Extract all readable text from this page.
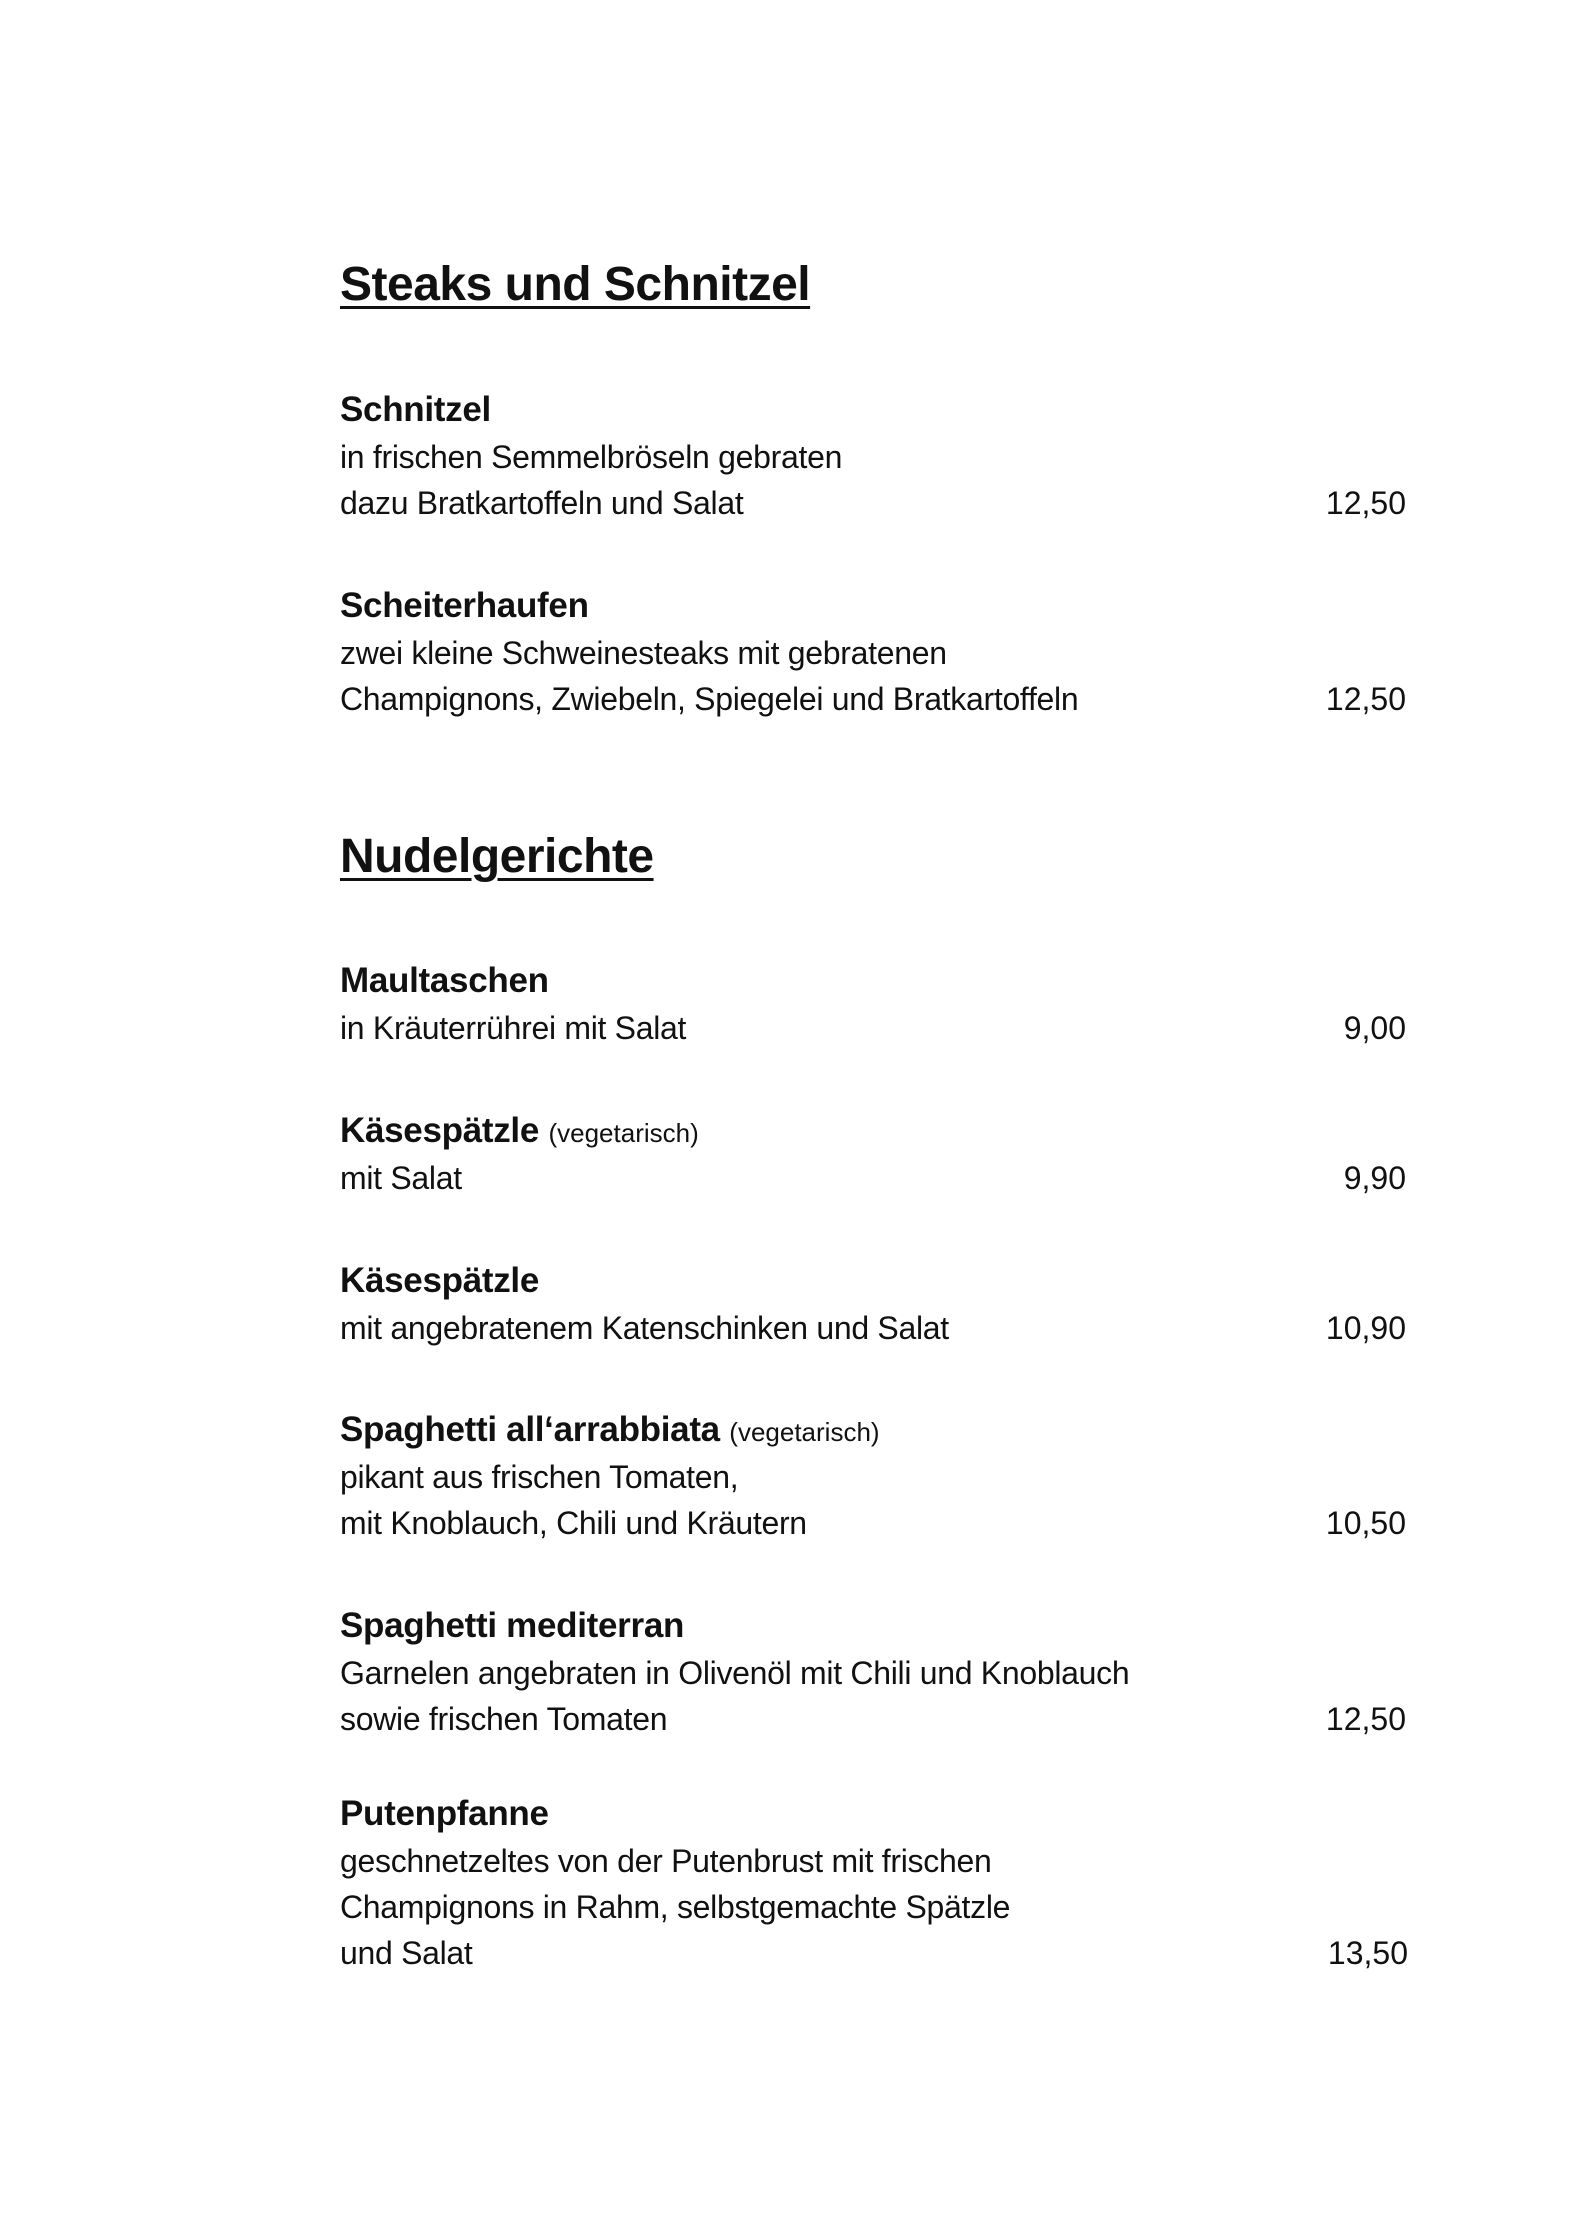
Steaks und Schnitzel
Schnitzel
in frischen Semmelbröseln gebraten
dazu Bratkartoffeln und Salat	12,50
Scheiterhaufen
zwei kleine Schweinesteaks mit gebratenen
Champignons, Zwiebeln, Spiegelei und Bratkartoffeln	12,50
Nudelgerichte
Maultaschen
in Kräuterrührei mit Salat	9,00
Käsespätzle (vegetarisch)
mit Salat	9,90
Käsespätzle
mit angebratenem Katenschinken und Salat	10,90
Spaghetti all‘arrabbiata (vegetarisch)
pikant aus frischen Tomaten,
mit Knoblauch, Chili und Kräutern	10,50
Spaghetti mediterran
Garnelen angebraten in Olivenöl mit Chili und Knoblauch
sowie frischen Tomaten	12,50
Putenpfanne
geschnetzeltes von der Putenbrust mit frischen
Champignons in Rahm, selbstgemachte Spätzle
und Salat	13,50
